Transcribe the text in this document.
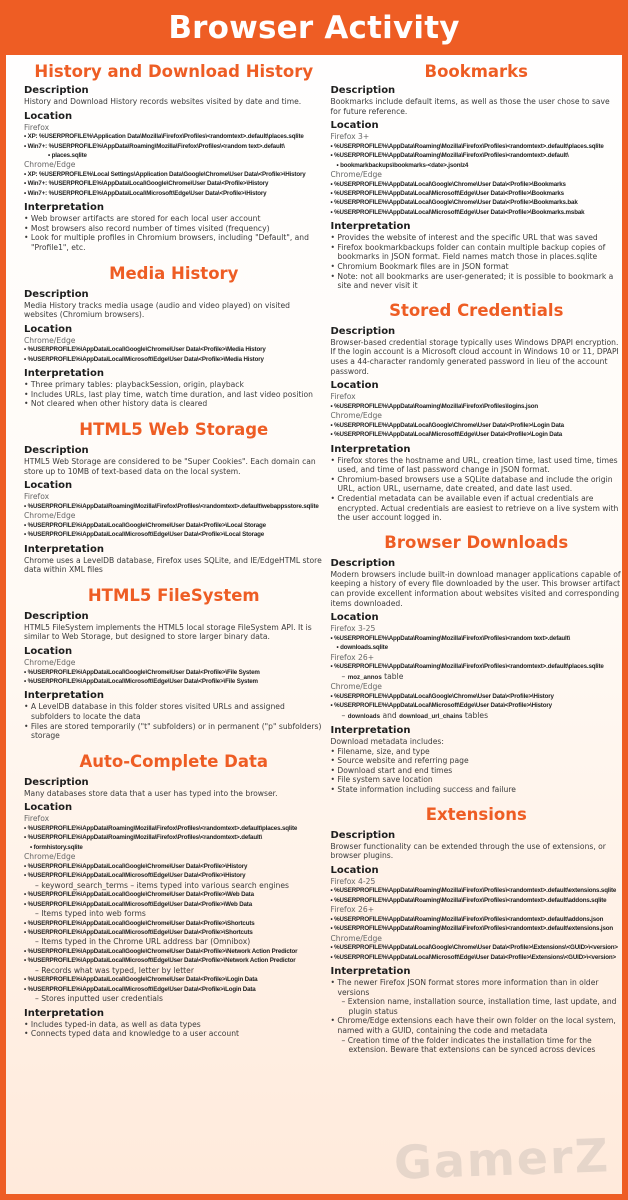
Browser Activity
History and Download History
Description
History and Download History records websites visited by date and time.
Location
Firefox
• XP: %USERPROFILE%\Application Data\Mozilla\Firefox\Profiles\<randomtext>.default\places.sqlite
• Win7+: %USERPROFILE%\AppData\Roaming\Mozilla\Firefox\Profiles\<random text>.default\
• places.sqlite
Chrome/Edge
• XP: %USERPROFILE%\Local Settings\Application Data\Google\Chrome\User Data\<Profile>\History
• Win7+: %USERPROFILE%\AppData\Local\Google\Chrome\User Data\<Profile>\History
• Win7+: %USERPROFILE%\AppData\Local\Microsoft\Edge\User Data\<Profile>\History
Interpretation
• Web browser artifacts are stored for each local user account
• Most browsers also record number of times visited (frequency)
• Look for multiple profiles in Chromium browsers, including "Default", and "Profile1", etc.
Media History
Description
Media History tracks media usage (audio and video played) on visited websites (Chromium browsers).
Location
Chrome/Edge
• %USERPROFILE%\AppData\Local\Google\Chrome\User Data\<Profile>\Media History
• %USERPROFILE%\AppData\Local\Microsoft\Edge\User Data\<Profile>\Media History
Interpretation
• Three primary tables: playbackSession, origin, playback
• Includes URLs, last play time, watch time duration, and last video position
• Not cleared when other history data is cleared
HTML5 Web Storage
Description
HTML5 Web Storage are considered to be "Super Cookies". Each domain can store up to 10MB of text-based data on the local system.
Location
Firefox
• %USERPROFILE%\AppData\Roaming\Mozilla\Firefox\Profiles\<randomtext>.default\webappsstore.sqlite
Chrome/Edge
• %USERPROFILE%\AppData\Local\Google\Chrome\User Data\<Profile>\Local Storage
• %USERPROFILE%\AppData\Local\Microsoft\Edge\User Data\<Profile>\Local Storage
Interpretation
Chrome uses a LevelDB database, Firefox uses SQLite, and IE/EdgeHTML store data within XML files
HTML5 FileSystem
Description
HTML5 FileSystem implements the HTML5 local storage FileSystem API. It is similar to Web Storage, but designed to store larger binary data.
Location
Chrome/Edge
• %USERPROFILE%\AppData\Local\Google\Chrome\User Data\<Profile>\File System
• %USERPROFILE%\AppData\Local\Microsoft\Edge\User Data\<Profile>\File System
Interpretation
• A LevelDB database in this folder stores visited URLs and assigned subfolders to locate the data
• Files are stored temporarily ("t" subfolders) or in permanent ("p" subfolders) storage
Auto-Complete Data
Description
Many databases store data that a user has typed into the browser.
Location
Firefox
• %USERPROFILE%\AppData\Roaming\Mozilla\Firefox\Profiles\<randomtext>.default\places.sqlite
• %USERPROFILE%\AppData\Roaming\Mozilla\Firefox\Profiles\<randomtext>.default\
• formhistory.sqlite
Chrome/Edge
• %USERPROFILE%\AppData\Local\Google\Chrome\User Data\<Profile>\History
• %USERPROFILE%\AppData\Local\Microsoft\Edge\User Data\<Profile>\History
– keyword_search_terms – items typed into various search engines
• %USERPROFILE%\AppData\Local\Google\Chrome\User Data\<Profile>\Web Data
• %USERPROFILE%\AppData\Local\Microsoft\Edge\User Data\<Profile>\Web Data
– Items typed into web forms
• %USERPROFILE%\AppData\Local\Google\Chrome\User Data\<Profile>\Shortcuts
• %USERPROFILE%\AppData\Local\Microsoft\Edge\User Data\<Profile>\Shortcuts
– Items typed in the Chrome URL address bar (Omnibox)
• %USERPROFILE%\AppData\Local\Google\Chrome\User Data\<Profile>\Network Action Predictor
• %USERPROFILE%\AppData\Local\Microsoft\Edge\User Data\<Profile>\Network Action Predictor
– Records what was typed, letter by letter
• %USERPROFILE%\AppData\Local\Google\Chrome\User Data\<Profile>\Login Data
• %USERPROFILE%\AppData\Local\Microsoft\Edge\User Data\<Profile>\Login Data
– Stores inputted user credentials
Interpretation
• Includes typed-in data, as well as data types
• Connects typed data and knowledge to a user account
Bookmarks
Description
Bookmarks include default items, as well as those the user chose to save for future reference.
Location
Firefox 3+
• %USERPROFILE%\AppData\Roaming\Mozilla\Firefox\Profiles\<randomtext>.default\places.sqlite
• %USERPROFILE%\AppData\Roaming\Mozilla\Firefox\Profiles\<randomtext>.default\
• bookmarkbackups\bookmarks-<date>.jsonlz4
Chrome/Edge
• %USERPROFILE%\AppData\Local\Google\Chrome\User Data\<Profile>\Bookmarks
• %USERPROFILE%\AppData\Local\Microsoft\Edge\User Data\<Profile>\Bookmarks
• %USERPROFILE%\AppData\Local\Google\Chrome\User Data\<Profile>\Bookmarks.bak
• %USERPROFILE%\AppData\Local\Microsoft\Edge\User Data\<Profile>\Bookmarks.msbak
Interpretation
• Provides the website of interest and the specific URL that was saved
• Firefox bookmarkbackups folder can contain multiple backup copies of bookmarks in JSON format. Field names match those in places.sqlite
• Chromium Bookmark files are in JSON format
• Note: not all bookmarks are user-generated; it is possible to bookmark a site and never visit it
Stored Credentials
Description
Browser-based credential storage typically uses Windows DPAPI encryption. If the login account is a Microsoft cloud account in Windows 10 or 11, DPAPI uses a 44-character randomly generated password in lieu of the account password.
Location
Firefox
• %USERPROFILE%\AppData\Roaming\Mozilla\Firefox\Profiles\logins.json
Chrome/Edge
• %USERPROFILE%\AppData\Local\Google\Chrome\User Data\<Profile>\Login Data
• %USERPROFILE%\AppData\Local\Microsoft\Edge\User Data\<Profile>\Login Data
Interpretation
• Firefox stores the hostname and URL, creation time, last used time, times used, and time of last password change in JSON format.
• Chromium-based browsers use a SQLite database and include the origin URL, action URL, username, date created, and date last used.
• Credential metadata can be available even if actual credentials are encrypted. Actual credentials are easiest to retrieve on a live system with the user account logged in.
Browser Downloads
Description
Modern browsers include built-in download manager applications capable of keeping a history of every file downloaded by the user. This browser artifact can provide excellent information about websites visited and corresponding items downloaded.
Location
Firefox 3-25
• %USERPROFILE%\AppData\Roaming\Mozilla\Firefox\Profiles\<random text>.default\
• downloads.sqlite
Firefox 26+
• %USERPROFILE%\AppData\Roaming\Mozilla\Firefox\Profiles\<randomtext>.default\places.sqlite
– moz_annos table
Chrome/Edge
• %USERPROFILE%\AppData\Local\Google\Chrome\User Data\<Profile>\History
• %USERPROFILE%\AppData\Local\Microsoft\Edge\User Data\<Profile>\History
– downloads and download_url_chains tables
Interpretation
Download metadata includes:
• Filename, size, and type
• Source website and referring page
• Download start and end times
• File system save location
• State information including success and failure
Extensions
Description
Browser functionality can be extended through the use of extensions, or browser plugins.
Location
Firefox 4-25
• %USERPROFILE%\AppData\Roaming\Mozilla\Firefox\Profiles\<randomtext>.default\extensions.sqlite
• %USERPROFILE%\AppData\Roaming\Mozilla\Firefox\Profiles\<randomtext>.default\addons.sqlite
Firefox 26+
• %USERPROFILE%\AppData\Roaming\Mozilla\Firefox\Profiles\<randomtext>.default\addons.json
• %USERPROFILE%\AppData\Roaming\Mozilla\Firefox\Profiles\<randomtext>.default\extensions.json
Chrome/Edge
• %USERPROFILE%\AppData\Local\Google\Chrome\User Data\<Profile>\Extensions\<GUID>\<version>
• %USERPROFILE%\AppData\Local\Microsoft\Edge\User Data\<Profile>\Extensions\<GUID>\<version>
Interpretation
• The newer Firefox JSON format stores more information than in older versions
– Extension name, installation source, installation time, last update, and plugin status
• Chrome/Edge extensions each have their own folder on the local system, named with a GUID, containing the code and metadata
– Creation time of the folder indicates the installation time for the extension. Beware that extensions can be synced across devices
GamerZ
